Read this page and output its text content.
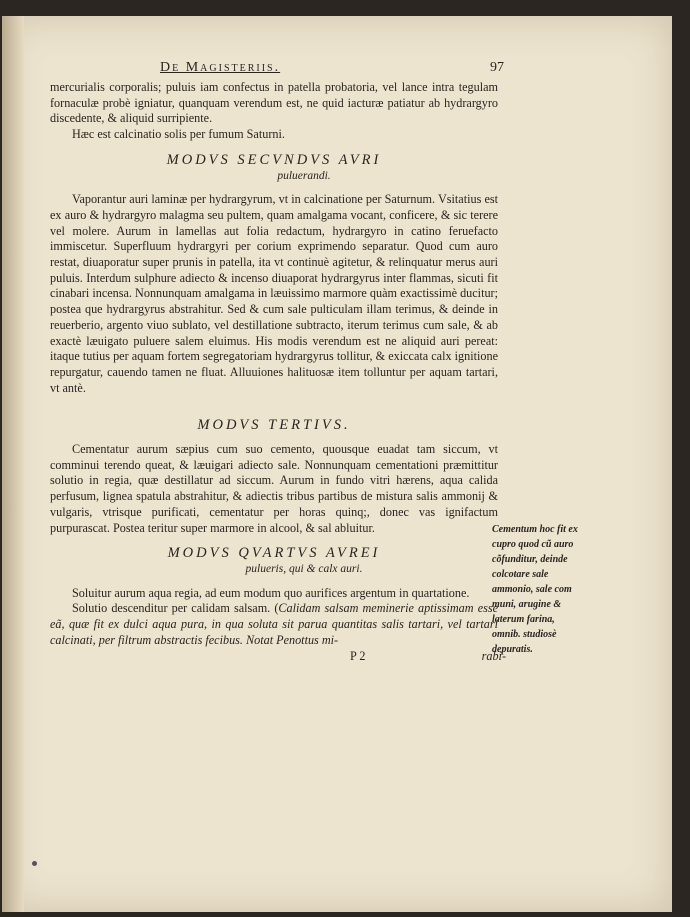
De Magisteriis.	97

mercurialis corporalis; puluis iam confectus in patella probatoria, vel lance intra tegulam fornaculæ probè igniatur, quanquam verendum est, ne quid iacturæ patiatur ab hydrargyro discedente, & aliquid surripiente.

Hæc est calcinatio solis per fumum Saturni.

MODVS SECVNDVS AVRI
puluerandi.

Vaporantur auri laminæ per hydrargyrum, vt in calcinatione per Saturnum. Vsitatius est ex auro & hydrargyro malagma seu pultem, quam amalgama vocant, conficere, & sic terere vel molere. Aurum in lamellas aut folia redactum, hydrargyro in catino feruefacto immiscetur. Superfluum hydrargyri per corium exprimendo separatur. Quod cum auro restat, diuaporatur super prunis in patella, ita vt continuè agitetur, & relinquatur merus auri puluis. Interdum sulphure adiecto & incenso diuaporat hydrargyrus inter flammas, sicuti fit cinabari incensa. Nonnunquam amalgama in læuissimo marmore quàm exactissimè ducitur; postea que hydrargyrus abstrahitur. Sed & cum sale pulticulam illam terimus, & deinde in reuerberio, argento viuo sublato, vel destillatione subtracto, iterum terimus cum sale, & ab exactè læuigato puluere salem eluimus. His modis verendum est ne aliquid auri pereat: itaque tutius per aquam fortem segregatoriam hydrargyrus tollitur, & exiccata calx ignitione repurgatur, cauendo tamen ne fluat. Alluuiones halituosæ item tolluntur per aquam tartari, vt antè.

MODVS TERTIVS.

Cementatur aurum sæpius cum suo cemento, quousque euadat tam siccum, vt comminui terendo queat, & læuigari adiecto sale. Nonnunquam cementationi præmittitur solutio in regia, quæ destillatur ad siccum. Aurum in fundo vitri hærens, aqua calida perfusum, lignea spatula abstrahitur, & adiectis tribus partibus de mistura salis ammonij & vulgaris, vtrisque purificati, cementatur per horas quinq;, donec vas ignifactum purpurascat. Postea teritur super marmore in alcool, & sal abluitur.

MODVS QVARTVS AVREI
pulueris, qui & calx auri.

Soluitur aurum aqua regia, ad eum modum quo aurifices argentum in quartatione.

Solutio descenditur per calidam salsam. (Calidam salsam meminerie aptissimam esse eã, quæ fit ex dulci aqua pura, in qua soluta sit parua quantitas salis tartari, vel tartari calcinati, per filtrum abstractis fecibus. Notat Penottus mi-

P 2	rabi-
Cementum hoc fit ex cupro quod cũ auro cõfunditur, deinde colcotare sale ammonio, sale com muni, arugine & laterum farina, omnib. studiosè depuratis.
